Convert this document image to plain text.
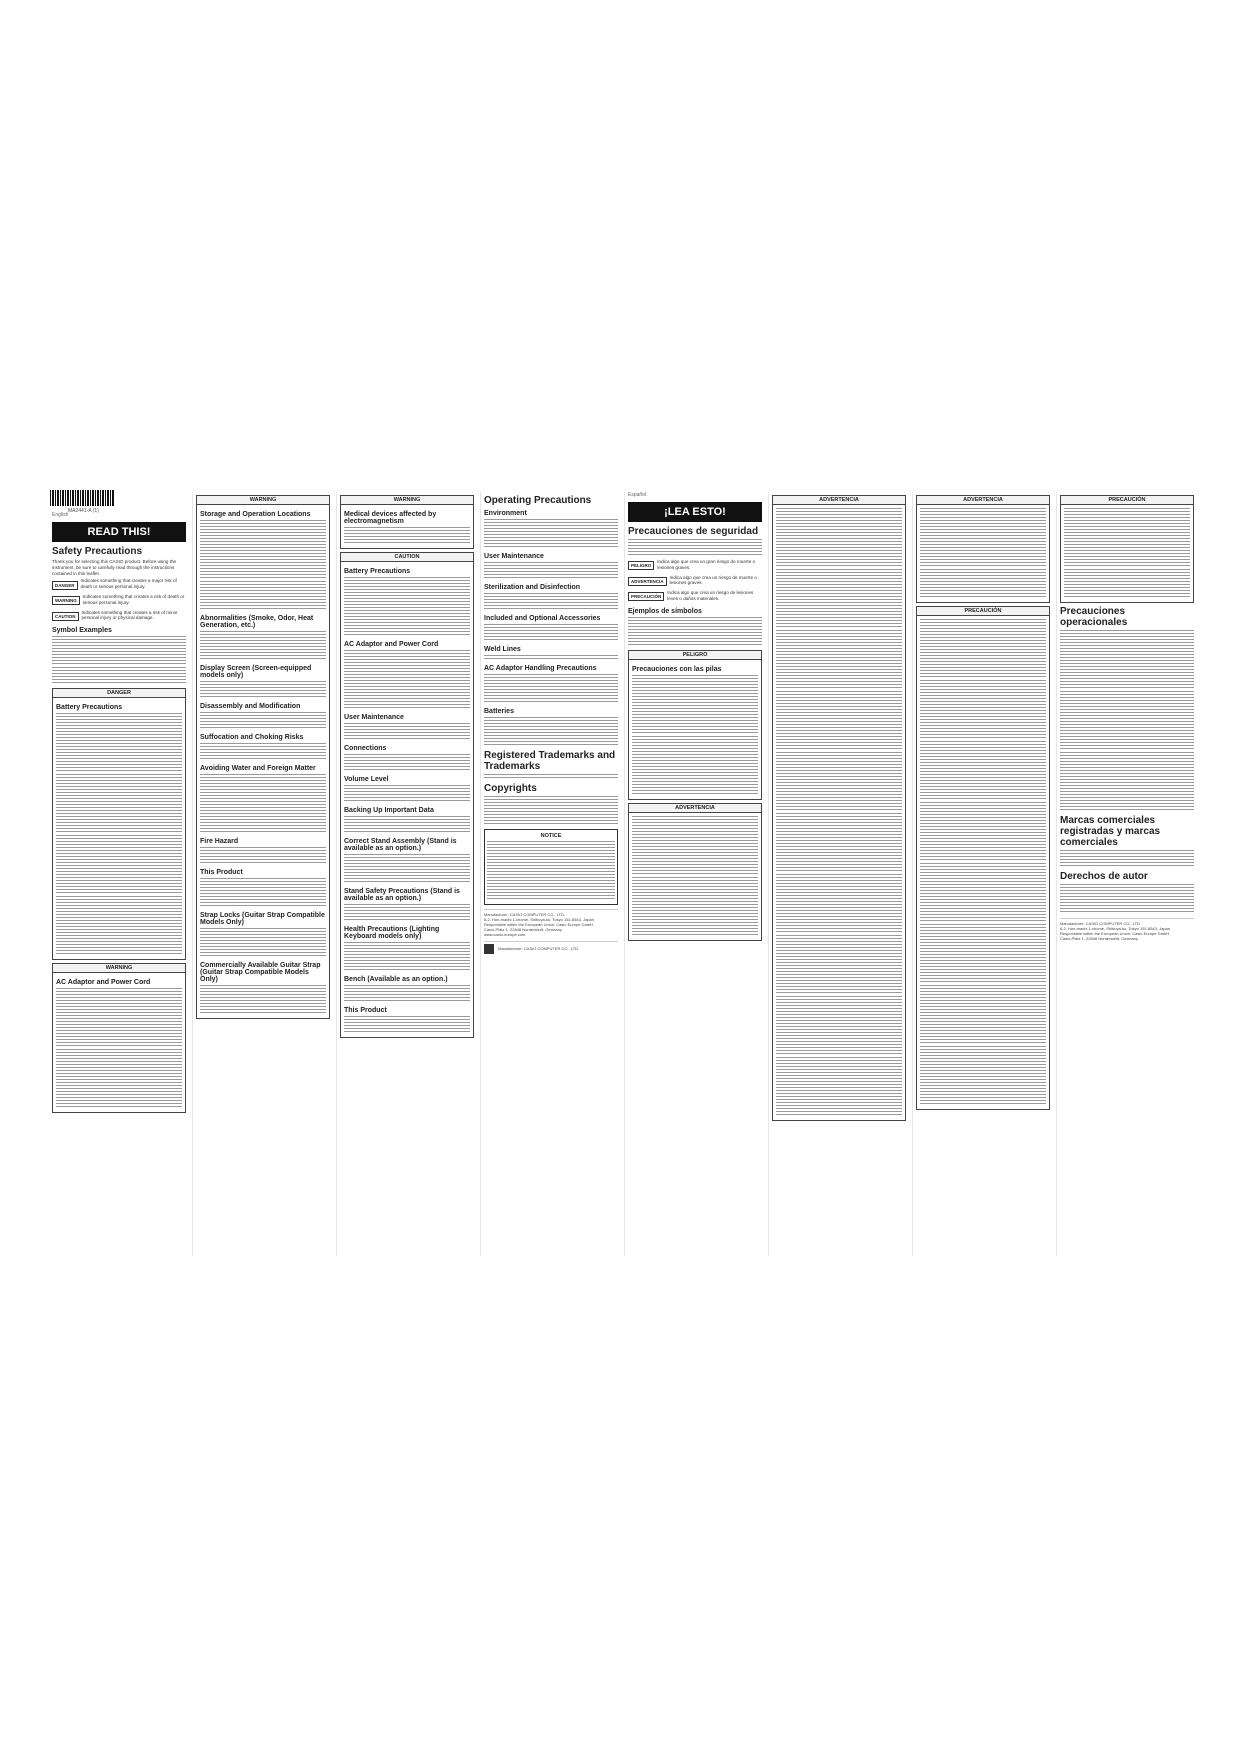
MA2441-A (1)
English
READ THIS!
Safety Precautions
Thank you for selecting this CASIO product. Before using the instrument, be sure to carefully read through the instructions contained in this leaflet.
DANGER
Indicates something that creates a major risk of death or serious personal injury.
WARNING
Indicates something that creates a risk of death or serious personal injury.
CAUTION
Indicates something that creates a risk of minor personal injury or physical damage.
Symbol Examples
DANGER
Battery Precautions
WARNING
AC Adaptor and Power Cord
WARNING
Storage and Operation Locations
Abnormalities (Smoke, Odor, Heat Generation, etc.)
Display Screen (Screen-equipped models only)
Disassembly and Modification
Suffocation and Choking Risks
Avoiding Water and Foreign Matter
Fire Hazard
This Product
Strap Locks (Guitar Strap Compatible Models Only)
Commercially Available Guitar Strap (Guitar Strap Compatible Models Only)
WARNING
Medical devices affected by electromagnetism
CAUTION
Battery Precautions
AC Adaptor and Power Cord
User Maintenance
Connections
Volume Level
Backing Up Important Data
Correct Stand Assembly (Stand is available as an option.)
Stand Safety Precautions (Stand is available as an option.)
Health Precautions (Lighting Keyboard models only)
Bench (Available as an option.)
This Product
Operating Precautions
Environment
User Maintenance
Sterilization and Disinfection
Included and Optional Accessories
Weld Lines
AC Adaptor Handling Precautions
Batteries
Registered Trademarks and Trademarks
Copyrights
NOTICE
Manufacturer: CASIO COMPUTER CO., LTD.
6-2, Hon-machi 1-chome, Shibuya-ku, Tokyo 151-8543, Japan
Responsible within the European Union: Casio Europe GmbH
Casio-Platz 1, 22848 Norderstedt, Germany
www.casio-europe.com
Manufacturer: CASIO COMPUTER CO., LTD.
Español
¡LEA ESTO!
Precauciones de seguridad
PELIGRO
Indica algo que crea un gran riesgo de muerte o lesiones graves.
ADVERTENCIA
Indica algo que crea un riesgo de muerte o lesiones graves.
PRECAUCIÓN
Indica algo que crea un riesgo de lesiones leves o daños materiales.
Ejemplos de símbolos
PELIGRO
Precauciones con las pilas
ADVERTENCIA
ADVERTENCIA	ADVERTENCIA
PRECAUCIÓN
PRECAUCIÓN
Precauciones operacionales
Marcas comerciales registradas y marcas comerciales
Derechos de autor
Manufacturer: CASIO COMPUTER CO., LTD.
6-2, Hon-machi 1-chome, Shibuya-ku, Tokyo 151-8543, Japan
Responsible within the European Union: Casio Europe GmbH
Casio-Platz 1, 22848 Norderstedt, Germany
